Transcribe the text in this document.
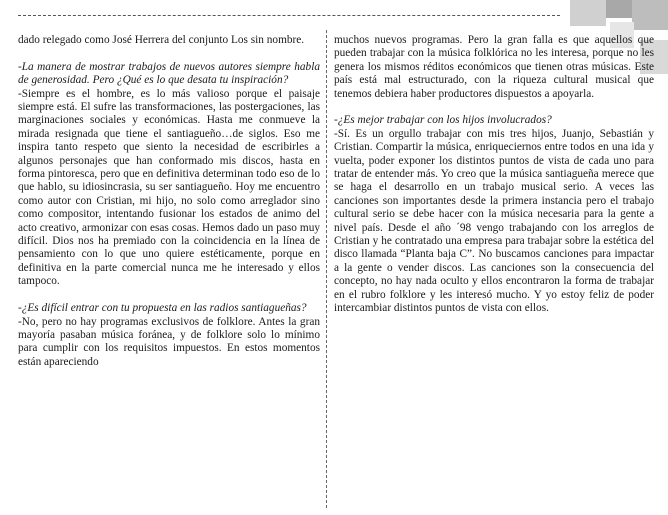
dado relegado como José Herrera del conjunto Los sin nombre.

-La manera de mostrar trabajos de nuevos autores siempre habla de generosidad. Pero ¿Qué es lo que desata tu inspiración?

-Siempre es el hombre, es lo más valioso porque el paisaje siempre está. El sufre las transformaciones, las postergaciones, las marginaciones sociales y económicas. Hasta me conmueve la mirada resignada que tiene el santiagueño…de siglos. Eso me inspira tanto respeto que siento la necesidad de escribirles a algunos personajes que han conformado mis discos, hasta en forma pintoresca, pero que en definitiva determinan todo eso de lo que hablo, su idiosincrasia, su ser santiagueño. Hoy me encuentro como autor con Cristian, mi hijo, no solo como arreglador sino como compositor, intentando fusionar los estados de animo del acto creativo, armonizar con esas cosas. Hemos dado un paso muy difícil. Dios nos ha premiado con la coincidencia en la línea de pensamiento con lo que uno quiere estéticamente, porque en definitiva en la parte comercial nunca me he interesado y ellos tampoco.

-¿Es difícil entrar con tu propuesta en las radios santiagueñas?

-No, pero no hay programas exclusivos de folklore. Antes la gran mayoría pasaban música foránea, y de folklore solo lo mínimo para cumplir con los requisitos impuestos. En estos momentos están apareciendo

muchos nuevos programas. Pero la gran falla es que aquellos que pueden trabajar con la música folklórica no les interesa, porque no les genera los mismos réditos económicos que tienen otras músicas. Este país está mal estructurado, con la riqueza cultural musical que tenemos debiera haber productores dispuestos a apoyarla.

-¿Es mejor trabajar con los hijos involucrados?

-Sí. Es un orgullo trabajar con mis tres hijos, Juanjo, Sebastián y Cristian. Compartir la música, enriqueciernos entre todos en una ida y vuelta, poder exponer los distintos puntos de vista de cada uno para tratar de entender más. Yo creo que la música santiagueña merece que se haga el desarrollo en un trabajo musical serio. A veces las canciones son importantes desde la primera instancia pero el trabajo cultural serio se debe hacer con la música necesaria para la gente a nivel país. Desde el año ´98 vengo trabajando con los arreglos de Cristian y he contratado una empresa para trabajar sobre la estética del disco llamada “Planta baja C”. No buscamos canciones para impactar a la gente o vender discos. Las canciones son la consecuencia del concepto, no hay nada oculto y ellos encontraron la forma de trabajar en el rubro folklore y les interesó mucho. Y yo estoy feliz de poder intercambiar distintos puntos de vista con ellos.
